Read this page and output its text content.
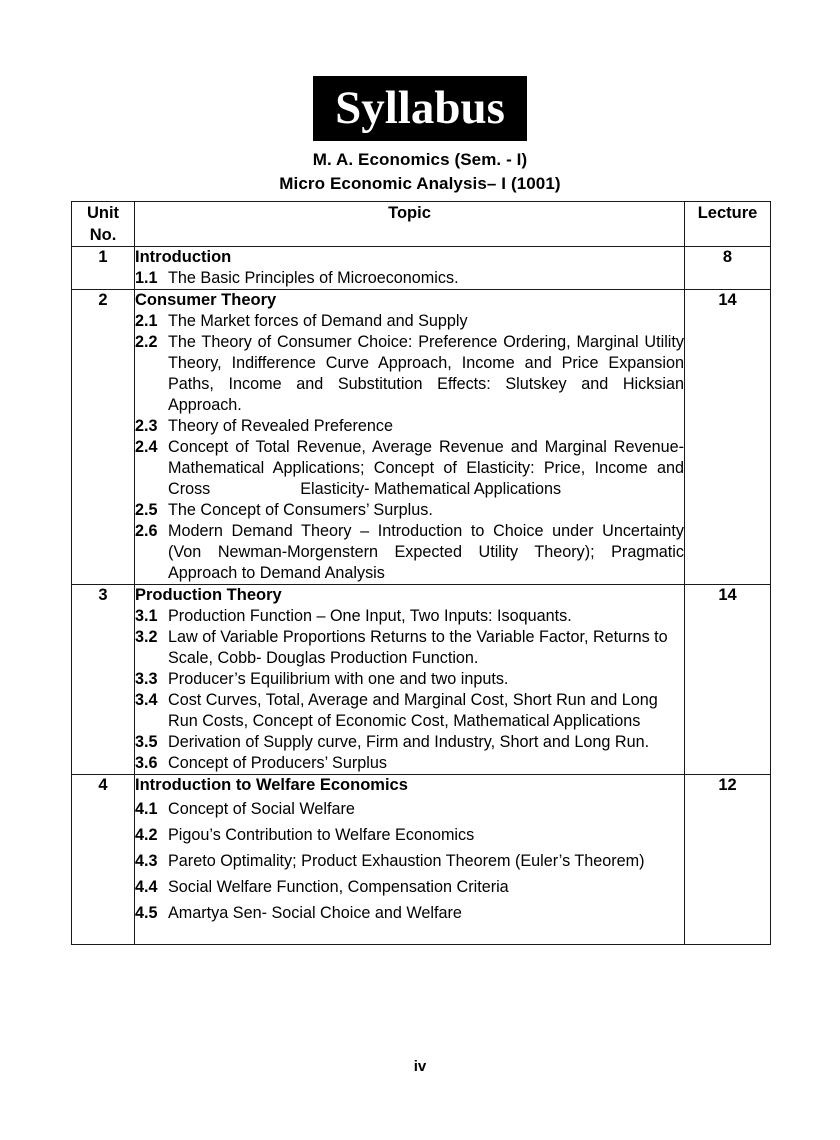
Syllabus
M. A. Economics (Sem. - I)
Micro Economic Analysis– I (1001)
Unit
No.	Topic	Lecture
1	Introduction
1.1 The Basic Principles of Microeconomics.
	8
2	Consumer Theory
2.1 The Market forces of Demand and Supply
2.2 The Theory of Consumer Choice: Preference Ordering, Marginal Utility Theory, Indifference Curve Approach, Income and Price Expansion Paths, Income and Substitution Effects: Slutskey and Hicksian Approach.
2.3 Theory of Revealed Preference
2.4 Concept of Total Revenue, Average Revenue and Marginal Revenue-            Mathematical Applications; Concept of Elasticity: Price, Income and Cross                    Elasticity- Mathematical Applications
2.5 The Concept of Consumers’ Surplus.
2.6 Modern Demand Theory – Introduction to Choice under Uncertainty (Von Newman-Morgenstern Expected Utility Theory); Pragmatic Approach to Demand Analysis
	14
3	Production Theory
3.1 Production Function – One Input, Two Inputs: Isoquants.
3.2 Law of Variable Proportions Returns to the Variable Factor, Returns to Scale, Cobb- Douglas Production Function.
3.3 Producer’s Equilibrium with one and two inputs.
3.4 Cost Curves, Total, Average and Marginal Cost, Short Run and Long Run Costs, Concept of Economic Cost, Mathematical Applications
3.5 Derivation of Supply curve, Firm and Industry, Short and Long Run.
3.6 Concept of Producers’ Surplus
	14
4	Introduction to Welfare Economics
4.1 Concept of Social Welfare
4.2 Pigou’s Contribution to Welfare Economics
4.3 Pareto Optimality; Product Exhaustion Theorem (Euler’s Theorem)
4.4 Social Welfare Function, Compensation Criteria
4.5 Amartya Sen- Social Choice and Welfare
	12
iv
